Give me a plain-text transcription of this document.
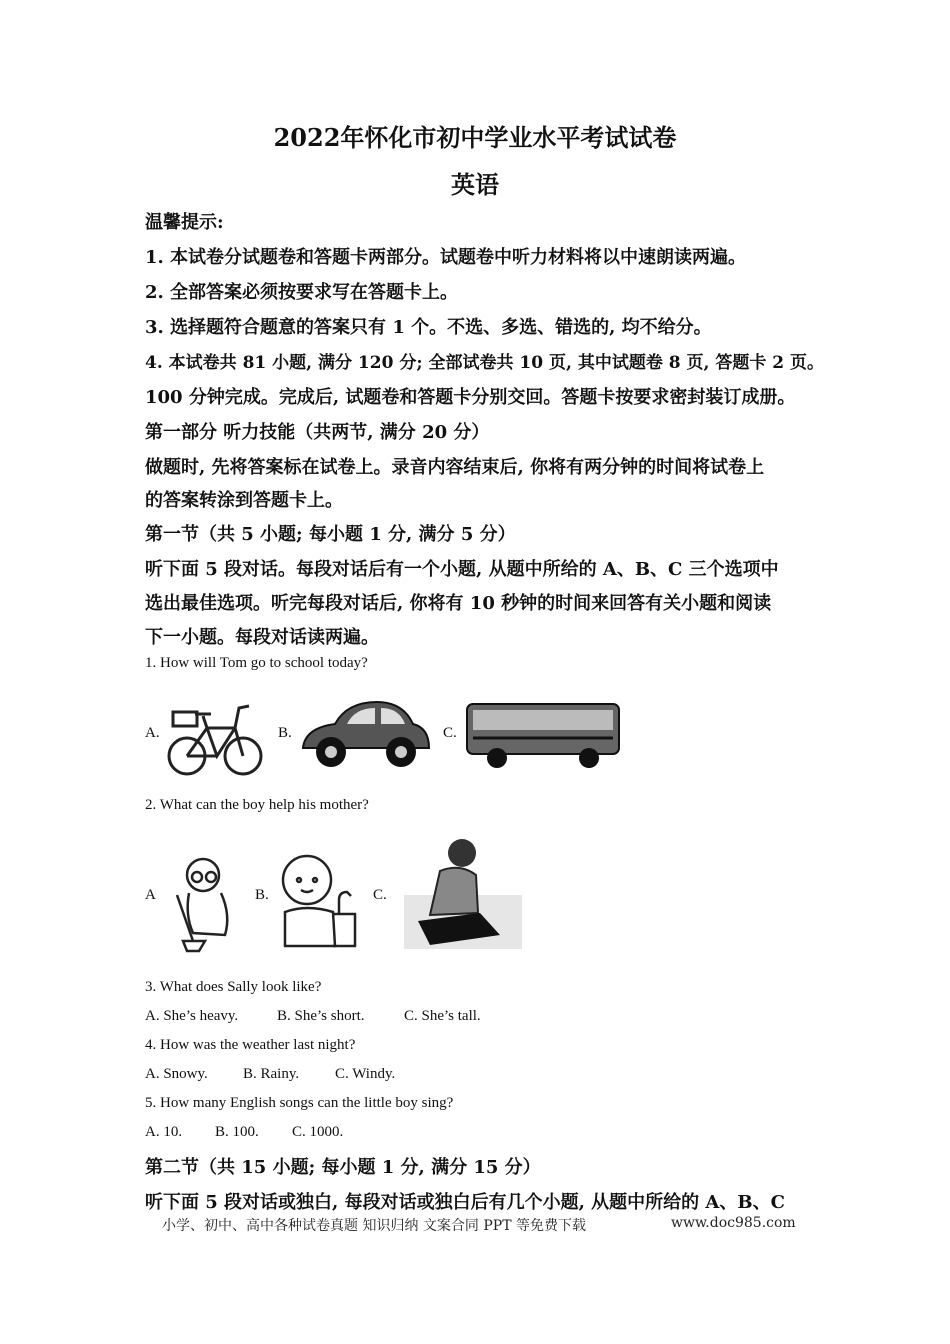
2022年怀化市初中学业水平考试试卷
英语
温馨提示:
1. 本试卷分试题卷和答题卡两部分。试题卷中听力材料将以中速朗读两遍。
2. 全部答案必须按要求写在答题卡上。
3. 选择题符合题意的答案只有 1 个。不选、多选、错选的, 均不给分。
4. 本试卷共 81 小题, 满分 120 分; 全部试卷共 10 页, 其中试题卷 8 页, 答题卡 2 页。
100 分钟完成。完成后, 试题卷和答题卡分别交回。答题卡按要求密封装订成册。
第一部分 听力技能（共两节, 满分 20 分）
做题时, 先将答案标在试卷上。录音内容结束后, 你将有两分钟的时间将试卷上
的答案转涂到答题卡上。
第一节（共 5 小题; 每小题 1 分, 满分 5 分）
听下面 5 段对话。每段对话后有一个小题, 从题中所给的 A、B、C 三个选项中
选出最佳选项。听完每段对话后, 你将有 10 秒钟的时间来回答有关小题和阅读
下一小题。每段对话读两遍。
1. How will Tom go to school today?
A.	B.	C.
2. What can the boy help his mother?
A	B.	C.
3. What does Sally look like?
A. She’s heavy.	B. She’s short.	C. She’s tall.
4. How was the weather last night?
A. Snowy. B. Rainy. C. Windy.
5. How many English songs can the little boy sing?
A. 10. B. 100. C. 1000.
第二节（共 15 小题; 每小题 1 分, 满分 15 分）
听下面 5 段对话或独白, 每段对话或独白后有几个小题, 从题中所给的 A、B、C
小学、初中、高中各种试卷真题 知识归纳 文案合同 PPT 等免费下载	www.doc985.com
